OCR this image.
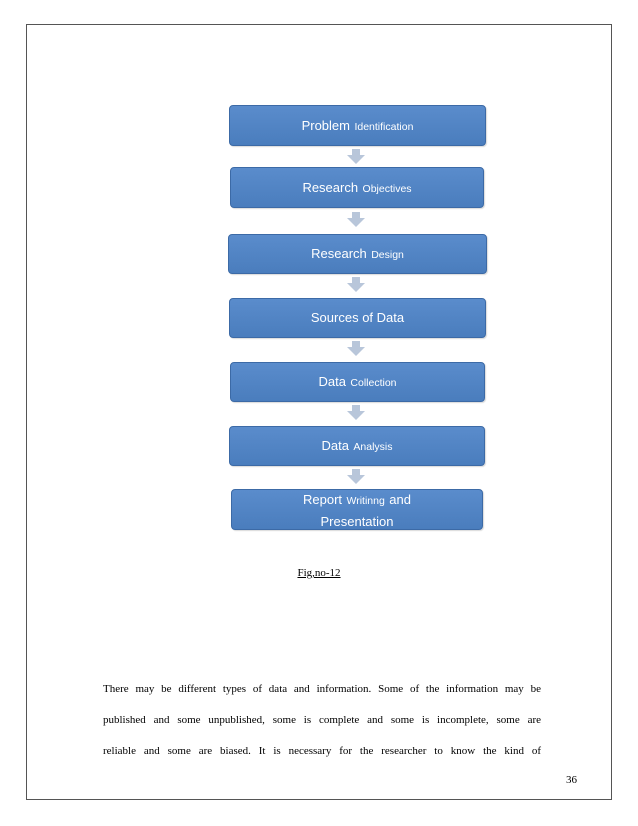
Problem Identification
Research Objectives
Research Design
Sources of Data
Data Collection
Data Analysis
Report Writinng and
Presentation
Fig,no-12
There may be different types of data and information. Some of the information may be
published and some unpublished, some is complete and some is incomplete, some are
reliable and some are biased. It is necessary for the researcher to know the kind of
36
